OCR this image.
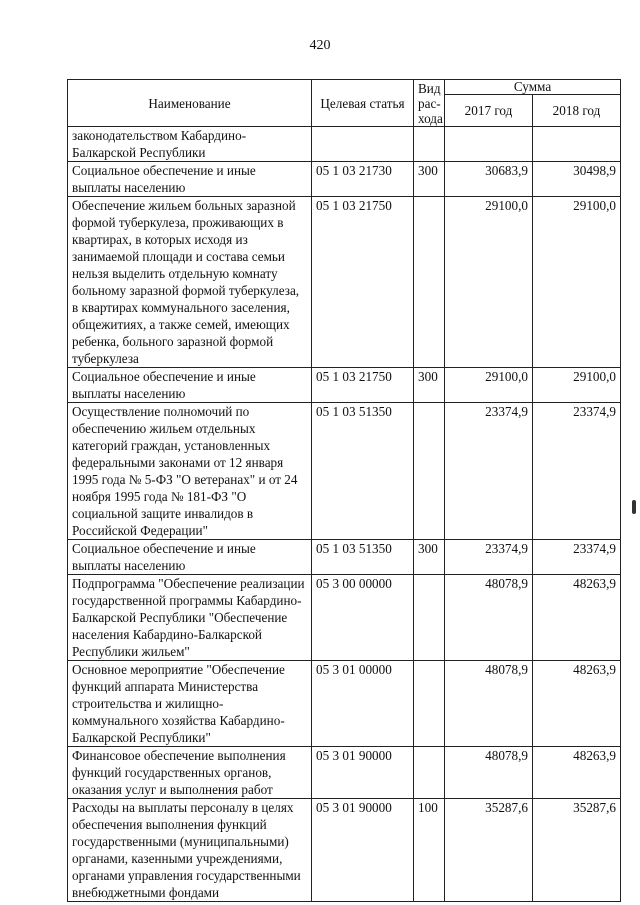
420
Наименование	Целевая статья	Вид рас-хода	Сумма	
			2017 год	2018 год
законодательством Кабардино-Балкарской Республики				
Социальное обеспечение и иные выплаты населению	05 1 03 21730	300	30683,9	30498,9
Обеспечение жильем больных заразной формой туберкулеза, проживающих в квартирах, в которых исходя из занимаемой площади и состава семьи нельзя выделить отдельную комнату больному заразной формой туберкулеза, в квартирах коммунального заселения, общежитиях, а также семей, имеющих ребенка, больного заразной формой туберкулеза	05 1 03 21750		29100,0	29100,0
Социальное обеспечение и иные выплаты населению	05 1 03 21750	300	29100,0	29100,0
Осуществление полномочий по обеспечению жильем отдельных категорий граждан, установленных федеральными законами от 12 января 1995 года № 5-ФЗ "О ветеранах" и от 24 ноября 1995 года № 181-ФЗ "О социальной защите инвалидов в Российской Федерации"	05 1 03 51350		23374,9	23374,9
Социальное обеспечение и иные выплаты населению	05 1 03 51350	300	23374,9	23374,9
Подпрограмма "Обеспечение реализации государственной программы Кабардино-Балкарской Республики "Обеспечение населения Кабардино-Балкарской Республики жильем"	05 3 00 00000		48078,9	48263,9
Основное мероприятие "Обеспечение функций аппарата Министерства строительства и жилищно-коммунального хозяйства Кабардино-Балкарской Республики"	05 3 01 00000		48078,9	48263,9
Финансовое обеспечение выполнения функций государственных органов, оказания услуг и выполнения работ	05 3 01 90000		48078,9	48263,9
Расходы на выплаты персоналу в целях обеспечения выполнения функций государственными (муниципальными) органами, казенными учреждениями, органами управления государственными внебюджетными фондами	05 3 01 90000	100	35287,6	35287,6
